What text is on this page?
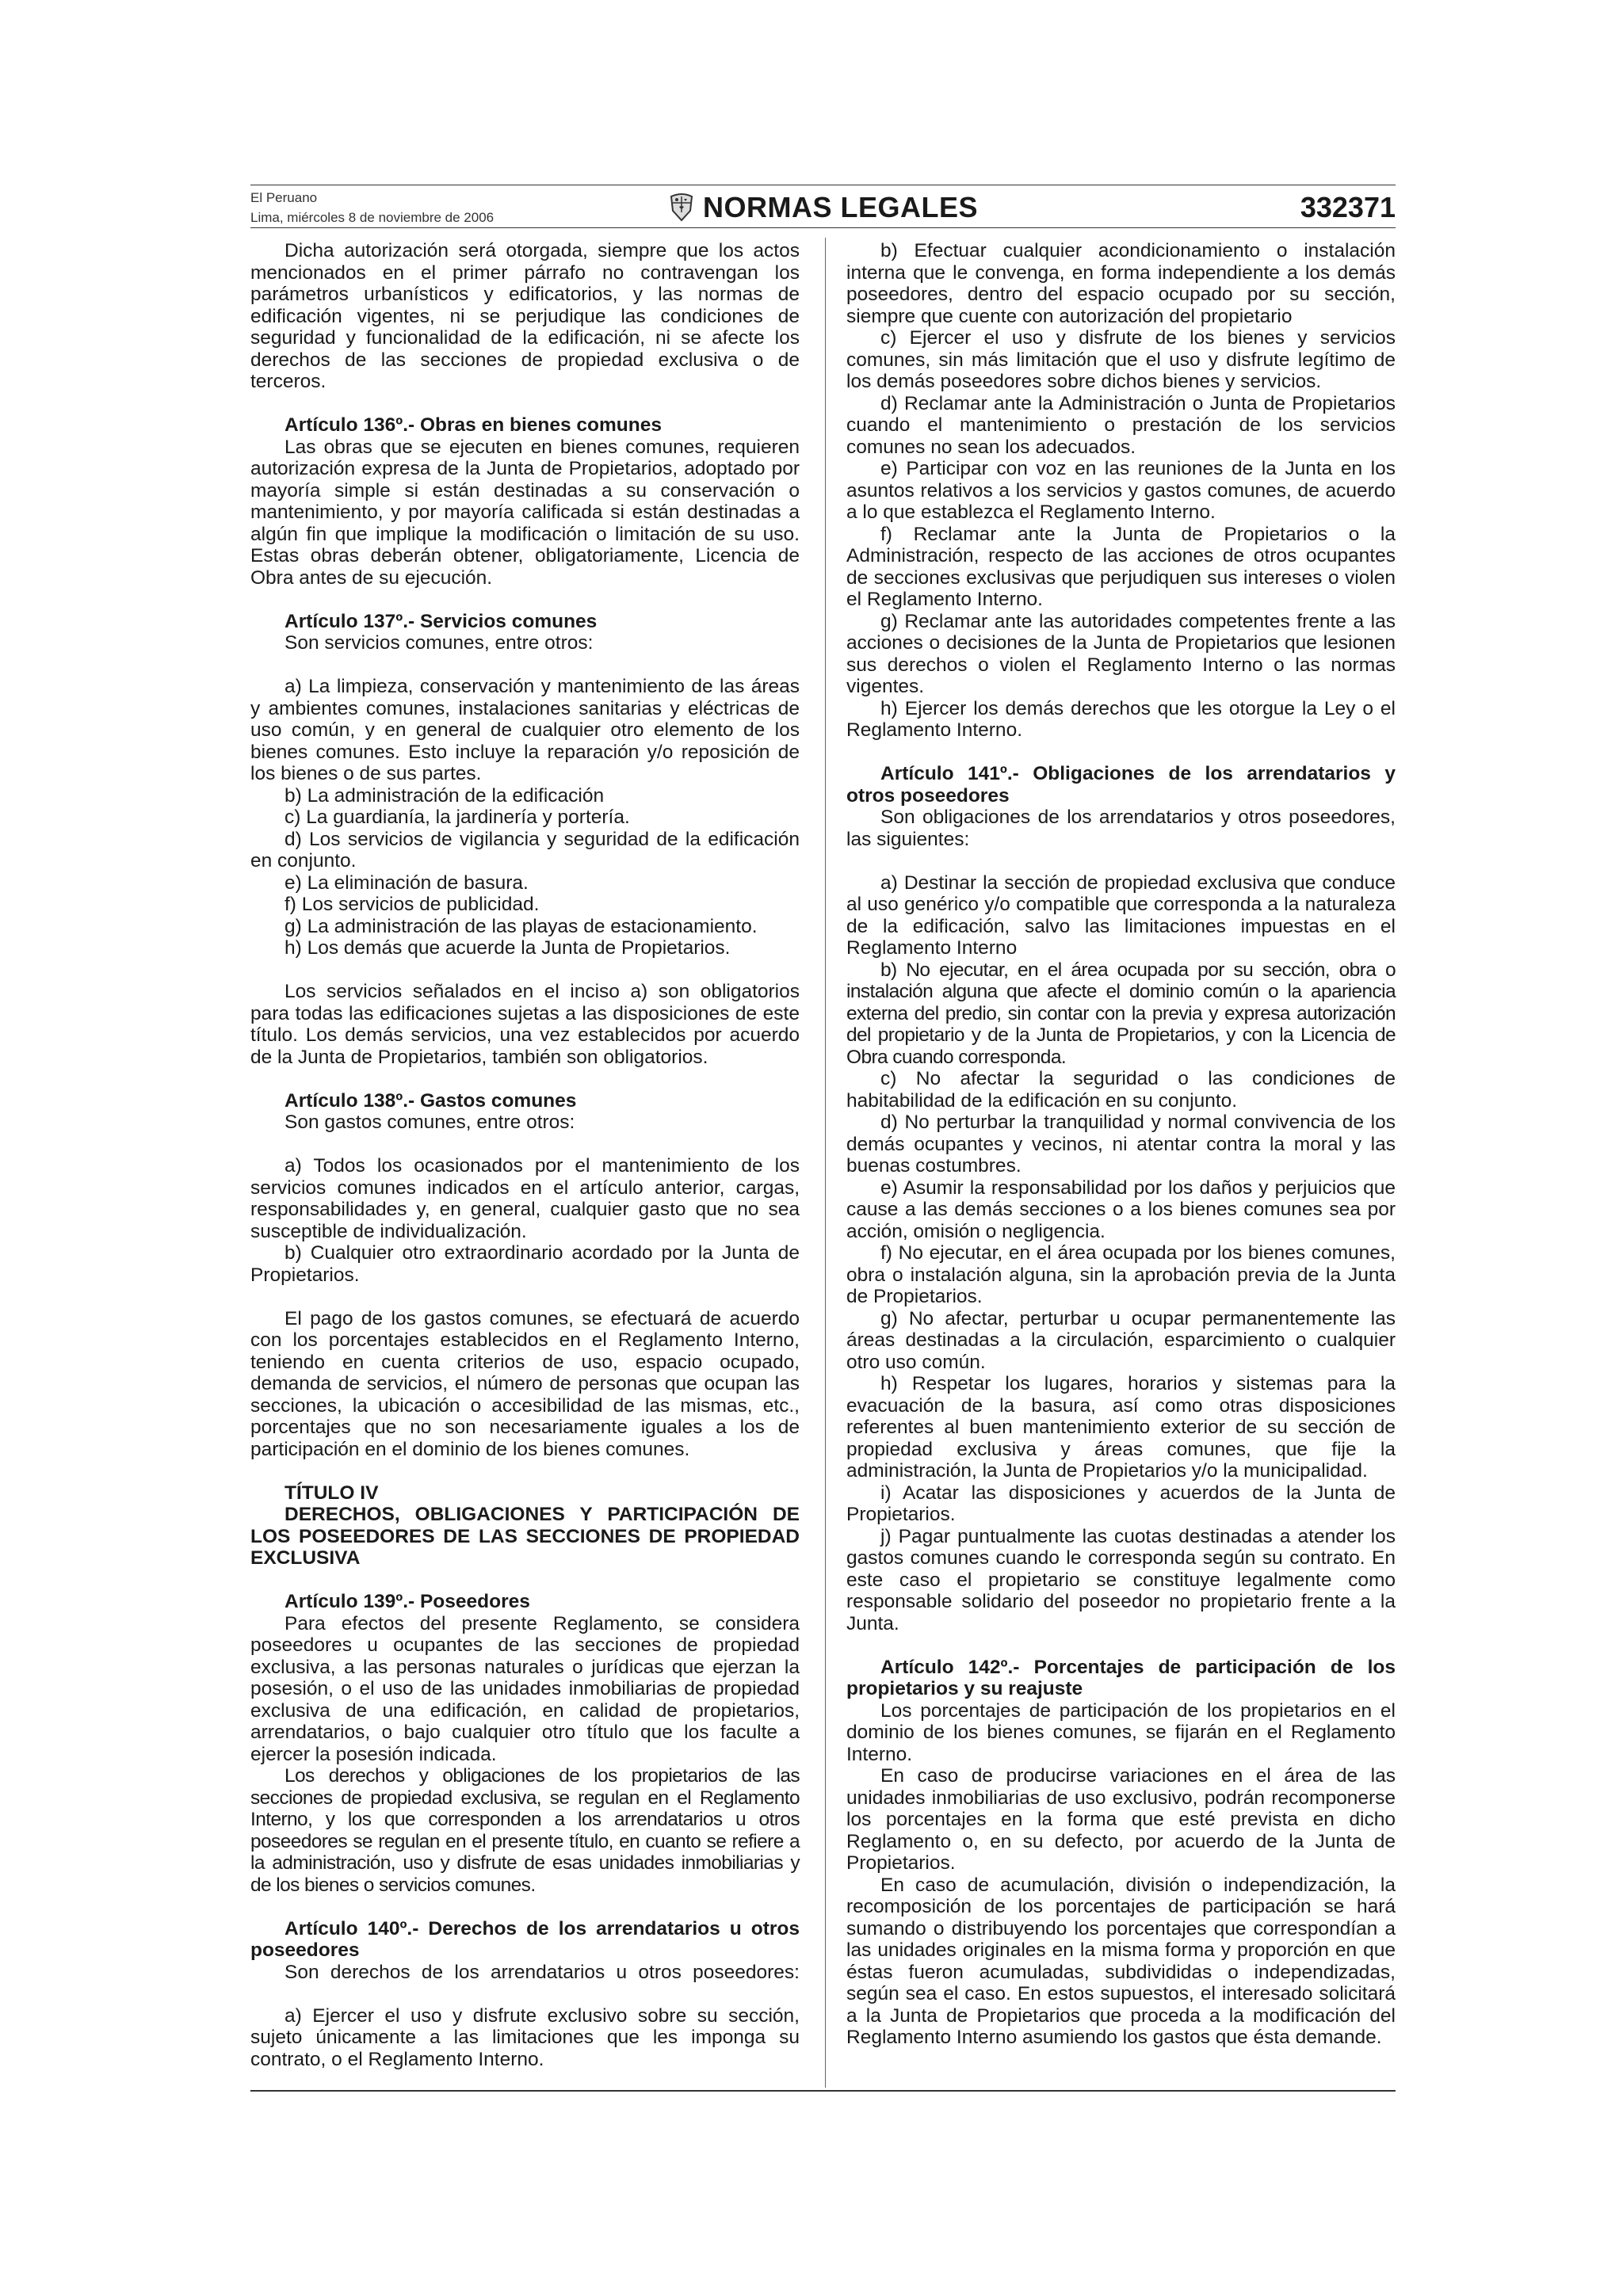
El Peruano
Lima, miércoles 8 de noviembre de 2006	NORMAS LEGALES	332371

Dicha autorización será otorgada, siempre que los actos mencionados en el primer párrafo no contravengan los parámetros urbanísticos y edificatorios, y las normas de edificación vigentes, ni se perjudique las condiciones de seguridad y funcionalidad de la edificación, ni se afecte los derechos de las secciones de propiedad exclusiva o de terceros.

Artículo 136º.- Obras en bienes comunes

Las obras que se ejecuten en bienes comunes, requieren autorización expresa de la Junta de Propietarios, adoptado por mayoría simple si están destinadas a su conservación o mantenimiento, y por mayoría calificada si están destinadas a algún fin que implique la modificación o limitación de su uso. Estas obras deberán obtener, obligatoriamente, Licencia de Obra antes de su ejecución.

Artículo 137º.- Servicios comunes

Son servicios comunes, entre otros:

a) La limpieza, conservación y mantenimiento de las áreas y ambientes comunes, instalaciones sanitarias y eléctricas de uso común, y en general de cualquier otro elemento de los bienes comunes. Esto incluye la reparación y/o reposición de los bienes o de sus partes.

b) La administración de la edificación

c) La guardianía, la jardinería y portería.

d) Los servicios de vigilancia y seguridad de la edificación en conjunto.

e) La eliminación de basura.

f) Los servicios de publicidad.

g) La administración de las playas de estacionamiento.

h) Los demás que acuerde la Junta de Propietarios.

Los servicios señalados en el inciso a) son obligatorios para todas las edificaciones sujetas a las disposiciones de este título. Los demás servicios, una vez establecidos por acuerdo de la Junta de Propietarios, también son obligatorios.

Artículo 138º.- Gastos comunes

Son gastos comunes, entre otros:

a) Todos los ocasionados por el mantenimiento de los servicios comunes indicados en el artículo anterior, cargas, responsabilidades y, en general, cualquier gasto que no sea susceptible de individualización.

b) Cualquier otro extraordinario acordado por la Junta de Propietarios.

El pago de los gastos comunes, se efectuará de acuerdo con los porcentajes establecidos en el Reglamento Interno, teniendo en cuenta criterios de uso, espacio ocupado, demanda de servicios, el número de personas que ocupan las secciones, la ubicación o accesibilidad de las mismas, etc., porcentajes que no son necesariamente iguales a los de participación en el dominio de los bienes comunes.

TÍTULO IV

DERECHOS, OBLIGACIONES Y PARTICIPACIÓN DE LOS POSEEDORES DE LAS SECCIONES DE PROPIEDAD EXCLUSIVA

Artículo 139º.- Poseedores

Para efectos del presente Reglamento, se considera poseedores u ocupantes de las secciones de propiedad exclusiva, a las personas naturales o jurídicas que ejerzan la posesión, o el uso de las unidades inmobiliarias de propiedad exclusiva de una edificación, en calidad de propietarios, arrendatarios, o bajo cualquier otro título que los faculte a ejercer la posesión indicada.

Los derechos y obligaciones de los propietarios de las secciones de propiedad exclusiva, se regulan en el Reglamento Interno, y los que corresponden a los arrendatarios u otros poseedores se regulan en el presente título, en cuanto se refiere a la administración, uso y disfrute de esas unidades inmobiliarias y de los bienes o servicios comunes.

Artículo 140º.- Derechos de los arrendatarios u otros poseedores

Son derechos de los arrendatarios u otros poseedores:

a) Ejercer el uso y disfrute exclusivo sobre su sección, sujeto únicamente a las limitaciones que les imponga su contrato, o el Reglamento Interno.

b) Efectuar cualquier acondicionamiento o instalación interna que le convenga, en forma independiente a los demás poseedores, dentro del espacio ocupado por su sección, siempre que cuente con autorización del propietario

c) Ejercer el uso y disfrute de los bienes y servicios comunes, sin más limitación que el uso y disfrute legítimo de los demás poseedores sobre dichos bienes y servicios.

d) Reclamar ante la Administración o Junta de Propietarios cuando el mantenimiento o prestación de los servicios comunes no sean los adecuados.

e) Participar con voz en las reuniones de la Junta en los asuntos relativos a los servicios y gastos comunes, de acuerdo a lo que establezca el Reglamento Interno.

f) Reclamar ante la Junta de Propietarios o la Administración, respecto de las acciones de otros ocupantes de secciones exclusivas que perjudiquen sus intereses o violen el Reglamento Interno.

g) Reclamar ante las autoridades competentes frente a las acciones o decisiones de la Junta de Propietarios que lesionen sus derechos o violen el Reglamento Interno o las normas vigentes.

h) Ejercer los demás derechos que les otorgue la Ley o el Reglamento Interno.

Artículo 141º.- Obligaciones de los arrendatarios y otros poseedores

Son obligaciones de los arrendatarios y otros poseedores, las siguientes:

a) Destinar la sección de propiedad exclusiva que conduce al uso genérico y/o compatible que corresponda a la naturaleza de la edificación, salvo las limitaciones impuestas en el Reglamento Interno

b) No ejecutar, en el área ocupada por su sección, obra o instalación alguna que afecte el dominio común o la apariencia externa del predio, sin contar con la previa y expresa autorización del propietario y de la Junta de Propietarios, y con la Licencia de Obra cuando corresponda.

c) No afectar la seguridad o las condiciones de habitabilidad de la edificación en su conjunto.

d) No perturbar la tranquilidad y normal convivencia de los demás ocupantes y vecinos, ni atentar contra la moral y las buenas costumbres.

e) Asumir la responsabilidad por los daños y perjuicios que cause a las demás secciones o a los bienes comunes sea por acción, omisión o negligencia.

f) No ejecutar, en el área ocupada por los bienes comunes, obra o instalación alguna, sin la aprobación previa de la Junta de Propietarios.

g) No afectar, perturbar u ocupar permanentemente las áreas destinadas a la circulación, esparcimiento o cualquier otro uso común.

h) Respetar los lugares, horarios y sistemas para la evacuación de la basura, así como otras disposiciones referentes al buen mantenimiento exterior de su sección de propiedad exclusiva y áreas comunes, que fije la administración, la Junta de Propietarios y/o la municipalidad.

i) Acatar las disposiciones y acuerdos de la Junta de Propietarios.

j) Pagar puntualmente las cuotas destinadas a atender los gastos comunes cuando le corresponda según su contrato. En este caso el propietario se constituye legalmente como responsable solidario del poseedor no propietario frente a la Junta.

Artículo 142º.- Porcentajes de participación de los propietarios y su reajuste

Los porcentajes de participación de los propietarios en el dominio de los bienes comunes, se fijarán en el Reglamento Interno.

En caso de producirse variaciones en el área de las unidades inmobiliarias de uso exclusivo, podrán recomponerse los porcentajes en la forma que esté prevista en dicho Reglamento o, en su defecto, por acuerdo de la Junta de Propietarios.

En caso de acumulación, división o independización, la recomposición de los porcentajes de participación se hará sumando o distribuyendo los porcentajes que correspondían a las unidades originales en la misma forma y proporción en que éstas fueron acumuladas, subdivididas o independizadas, según sea el caso. En estos supuestos, el interesado solicitará a la Junta de Propietarios que proceda a la modificación del Reglamento Interno asumiendo los gastos que ésta demande.
